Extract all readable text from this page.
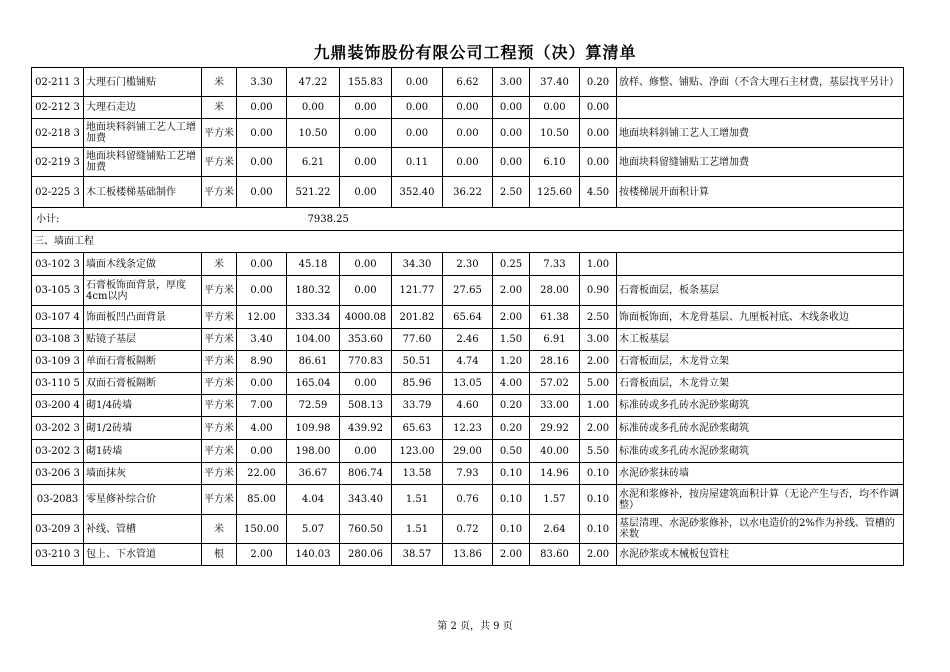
九鼎装饰股份有限公司工程预（决）算清单
02-211 3	大理石门槛铺贴	米	3.30	47.22	155.83	0.00	6.62	3.00	37.40	0.20	放样、修整、铺贴、净面（不含大理石主材费，基层找平另计）
02-212 3	大理石走边	米	0.00	0.00	0.00	0.00	0.00	0.00	0.00	0.00	
02-218 3	地面块料斜铺工艺人工增加费	平方米	0.00	10.50	0.00	0.00	0.00	0.00	10.50	0.00	地面块料斜铺工艺人工增加费
02-219 3	地面块料留缝铺贴工艺增加费	平方米	0.00	6.21	0.00	0.11	0.00	0.00	6.10	0.00	地面块料留缝铺贴工艺增加费
02-225 3	木工板楼梯基础制作	平方米	0.00	521.22	0.00	352.40	36.22	2.50	125.60	4.50	按楼梯展开面积计算
小计:			7938.25								
三、墙面工程											
03-102 3	墙面木线条定做	米	0.00	45.18	0.00	34.30	2.30	0.25	7.33	1.00	
03-105 3	石膏板饰面背景，厚度4cm以内	平方米	0.00	180.32	0.00	121.77	27.65	2.00	28.00	0.90	石膏板面层，板条基层
03-107 4	饰面板凹凸面背景	平方米	12.00	333.34	4000.08	201.82	65.64	2.00	61.38	2.50	饰面板饰面，木龙骨基层、九厘板衬底、木线条收边
03-108 3	贴镜子基层	平方米	3.40	104.00	353.60	77.60	2.46	1.50	6.91	3.00	木工板基层
03-109 3	单面石膏板隔断	平方米	8.90	86.61	770.83	50.51	4.74	1.20	28.16	2.00	石膏板面层，木龙骨立架
03-110 5	双面石膏板隔断	平方米	0.00	165.04	0.00	85.96	13.05	4.00	57.02	5.00	石膏板面层，木龙骨立架
03-200 4	砌1/4砖墙	平方米	7.00	72.59	508.13	33.79	4.60	0.20	33.00	1.00	标准砖或多孔砖水泥砂浆砌筑
03-202 3	砌1/2砖墙	平方米	4.00	109.98	439.92	65.63	12.23	0.20	29.92	2.00	标准砖或多孔砖水泥砂浆砌筑
03-202 3	砌1砖墙	平方米	0.00	198.00	0.00	123.00	29.00	0.50	40.00	5.50	标准砖或多孔砖水泥砂浆砌筑
03-206 3	墙面抹灰	平方米	22.00	36.67	806.74	13.58	7.93	0.10	14.96	0.10	水泥砂浆抹砖墙
03-2083	零星修补综合价	平方米	85.00	4.04	343.40	1.51	0.76	0.10	1.57	0.10	水泥和浆修补，按房屋建筑面积计算（无论产生与否，均不作调整）
03-209 3	补线、管槽	米	150.00	5.07	760.50	1.51	0.72	0.10	2.64	0.10	基层清理、水泥砂浆修补，以水电造价的2%作为补线、管槽的米数
03-210 3	包上、下水管道	根	2.00	140.03	280.06	38.57	13.86	2.00	83.60	2.00	水泥砂浆或木械板包管柱
第 2 页，共 9 页
